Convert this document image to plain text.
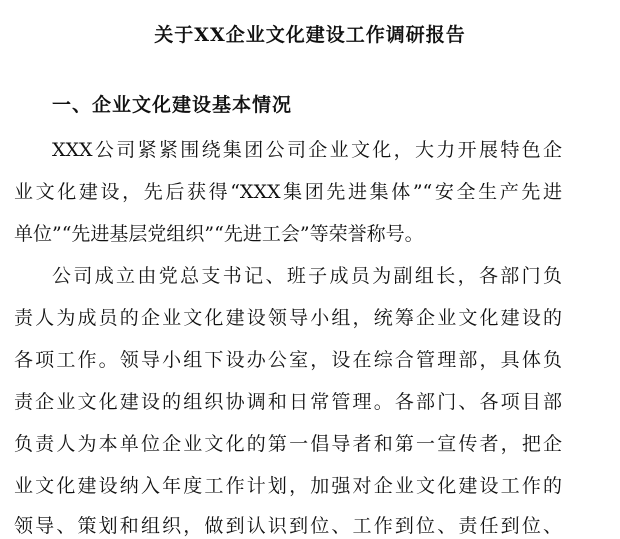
关于XX企业文化建设工作调研报告
一、企业文化建设基本情况
XXX公司紧紧围绕集团公司企业文化，大力开展特色企
业文化建设，先后获得“XXX集团先进集体”“安全生产先进
单位”“先进基层党组织”“先进工会”等荣誉称号。
公司成立由党总支书记、班子成员为副组长，各部门负
责人为成员的企业文化建设领导小组，统筹企业文化建设的
各项工作。领导小组下设办公室，设在综合管理部，具体负
责企业文化建设的组织协调和日常管理。各部门、各项目部
负责人为本单位企业文化的第一倡导者和第一宣传者，把企
业文化建设纳入年度工作计划，加强对企业文化建设工作的
领导、策划和组织，做到认识到位、工作到位、责任到位、
